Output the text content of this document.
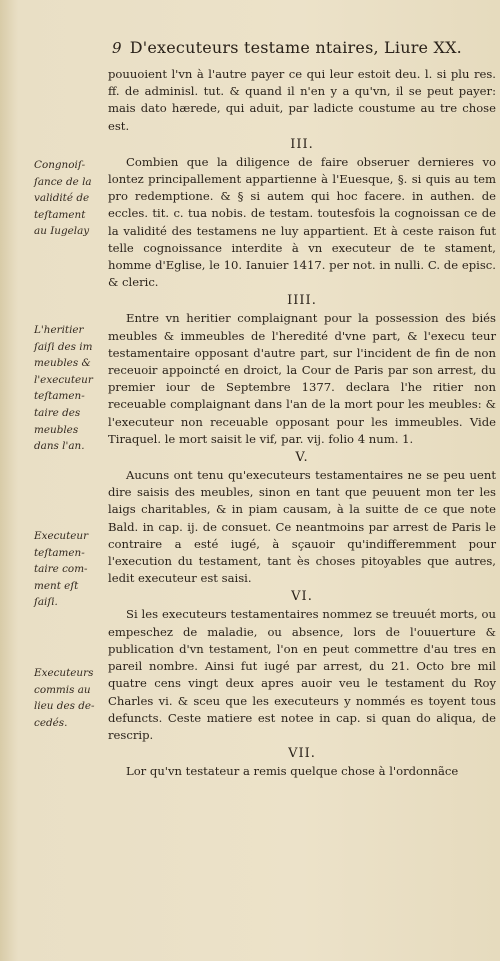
9 D'executeurs testame ntaires, Liure XX.

pouuoient l'vn à l'autre payer ce qui leur estoit deu. l. si plu res. ff. de adminisl. tut. & quand il n'en y a qu'vn, il se peut payer: mais dato hærede, qui aduit, par ladicte coustume au tre chose est.

III.

Combien que la diligence de faire obseruer dernieres vo lontez principallement appartienne à l'Euesque, §. si quis au tem pro redemptione. & § si autem qui hoc facere. in authen. de eccles. tit. c. tua nobis. de testam. toutesfois la cognoissan ce de la validité des testamens ne luy appartient. Et à ceste raison fut telle cognoissance interdite à vn executeur de te stament, homme d'Eglise, le 10. Ianuier 1417. per not. in nulli. C. de episc. & cleric.

IIII.

Entre vn heritier complaignant pour la possession des biés meubles & immeubles de l'heredité d'vne part, & l'execu teur testamentaire opposant d'autre part, sur l'incident de fin de non receuoir appoincté en droict, la Cour de Paris par son arrest, du premier iour de Septembre 1377. declara l'he ritier non receuable complaignant dans l'an de la mort pour les meubles: & l'executeur non receuable opposant pour les immeubles. Vide Tiraquel. le mort saisit le vif, par. vij. folio 4 num. 1.

V.

Aucuns ont tenu qu'executeurs testamentaires ne se peu uent dire saisis des meubles, sinon en tant que peuuent mon ter les laigs charitables, & in piam causam, à la suitte de ce que note Bald. in cap. ij. de consuet. Ce neantmoins par arrest de Paris le contraire a esté iugé, à sçauoir qu'indifferemment pour l'execution du testament, tant ès choses pitoyables que autres, ledit executeur est saisi.

VI.

Si les executeurs testamentaires nommez se treuuét morts, ou empeschez de maladie, ou absence, lors de l'ouuerture & publication d'vn testament, l'on en peut commettre d'au tres en pareil nombre. Ainsi fut iugé par arrest, du 21. Octo bre mil quatre cens vingt deux apres auoir veu le testament du Roy Charles vi. & sceu que les executeurs y nommés es toyent tous defuncts. Ceste matiere est notee in cap. si quan do aliqua, de rescrip.

VII.

Lor qu'vn testateur a remis quelque chose à l'ordonnãce

Congnoiſ-
ſance de la
validité de
teſtament
au Iugelay
L'heritier
ſaiſi des im
meubles &
l'executeur
teſtamen-
taire des
meubles
dans l'an.
Executeur
teſtamen-
taire com-
ment eſt
ſaiſi.
Executeurs
commis au
lieu des de-
cedés.
